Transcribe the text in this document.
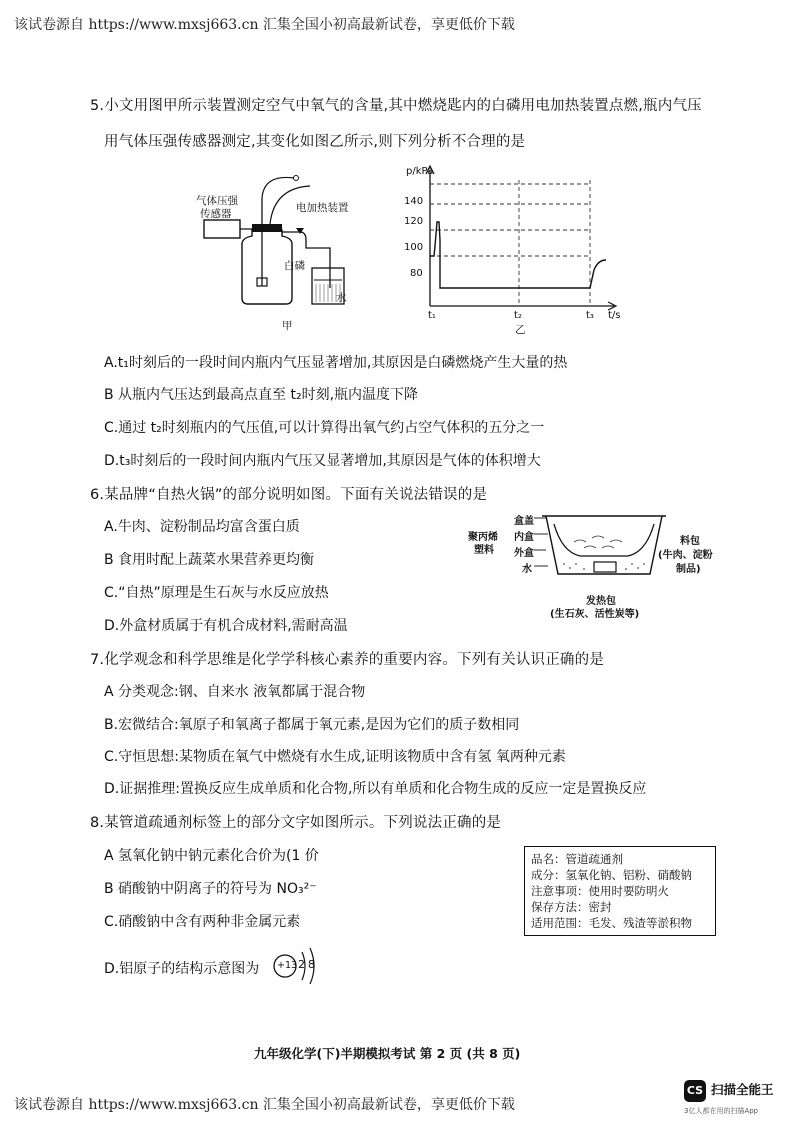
该试卷源自 https://www.mxsj663.cn 汇集全国小初高最新试卷，享更低价下载
5.小文用图甲所示装置测定空气中氧气的含量,其中燃烧匙内的白磷用电加热装置点燃,瓶内气压
用气体压强传感器测定,其变化如图乙所示,则下列分析不合理的是
气体压强
传感器	电加热装置
白磷
水
甲
p/kPa
140
120
100
80
t₁	t₂	t₃ t/s
乙
A.t₁时刻后的一段时间内瓶内气压显著增加,其原因是白磷燃烧产生大量的热
B 从瓶内气压达到最高点直至 t₂时刻,瓶内温度下降
C.通过 t₂时刻瓶内的气压值,可以计算得出氧气约占空气体积的五分之一
D.t₃时刻后的一段时间内瓶内气压又显著增加,其原因是气体的体积增大
6.某品牌“自热火锅”的部分说明如图。下面有关说法错误的是
A.牛肉、淀粉制品均富含蛋白质
B 食用时配上蔬菜水果营养更均衡
C.“自热”原理是生石灰与水反应放热
D.外盒材质属于有机合成材料,需耐高温
聚丙烯
塑料
盒盖
内盒
外盒
水
料包
(牛肉、淀粉
制品)
发热包
(生石灰、活性炭等)
7.化学观念和科学思维是化学学科核心素养的重要内容。下列有关认识正确的是
A 分类观念:钢、自来水 液氧都属于混合物
B.宏微结合:氧原子和氧离子都属于氧元素,是因为它们的质子数相同
C.守恒思想:某物质在氧气中燃烧有水生成,证明该物质中含有氢 氧两种元素
D.证据推理:置换反应生成单质和化合物,所以有单质和化合物生成的反应一定是置换反应
8.某管道疏通剂标签上的部分文字如图所示。下列说法正确的是
A 氢氧化钠中钠元素化合价为(1 价
B 硝酸钠中阴离子的符号为 NO₃²⁻
C.硝酸钠中含有两种非金属元素
D.铝原子的结构示意图为 +13 2 8
品名：管道疏通剂
成分：氢氧化钠、铝粉、硝酸钠
注意事项：使用时要防明火
保存方法：密封
适用范围：毛发、残渣等淤积物
九年级化学(下)半期模拟考试 第 2 页 (共 8 页)
该试卷源自 https://www.mxsj663.cn 汇集全国小初高最新试卷，享更低价下载
CS 扫描全能王
3亿人都在用的扫描App
